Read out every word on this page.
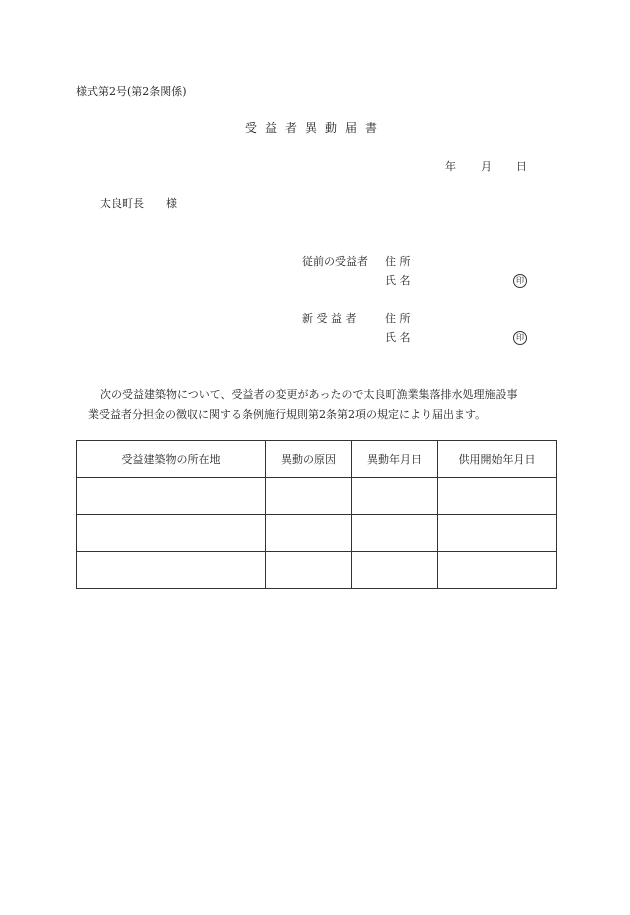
様式第2号(第2条関係)
受益者異動届書
年 月 日
太良町長 様
従前の受益者 住 所
氏 名	印
新 受 益 者	住 所
氏 名	印
次の受益建築物について、受益者の変更があったので太良町漁業集落排水処理施設事
業受益者分担金の徴収に関する条例施行規則第2条第2項の規定により届出ます。
受益建築物の所在地	異動の原因	異動年月日	供用開始年月日
